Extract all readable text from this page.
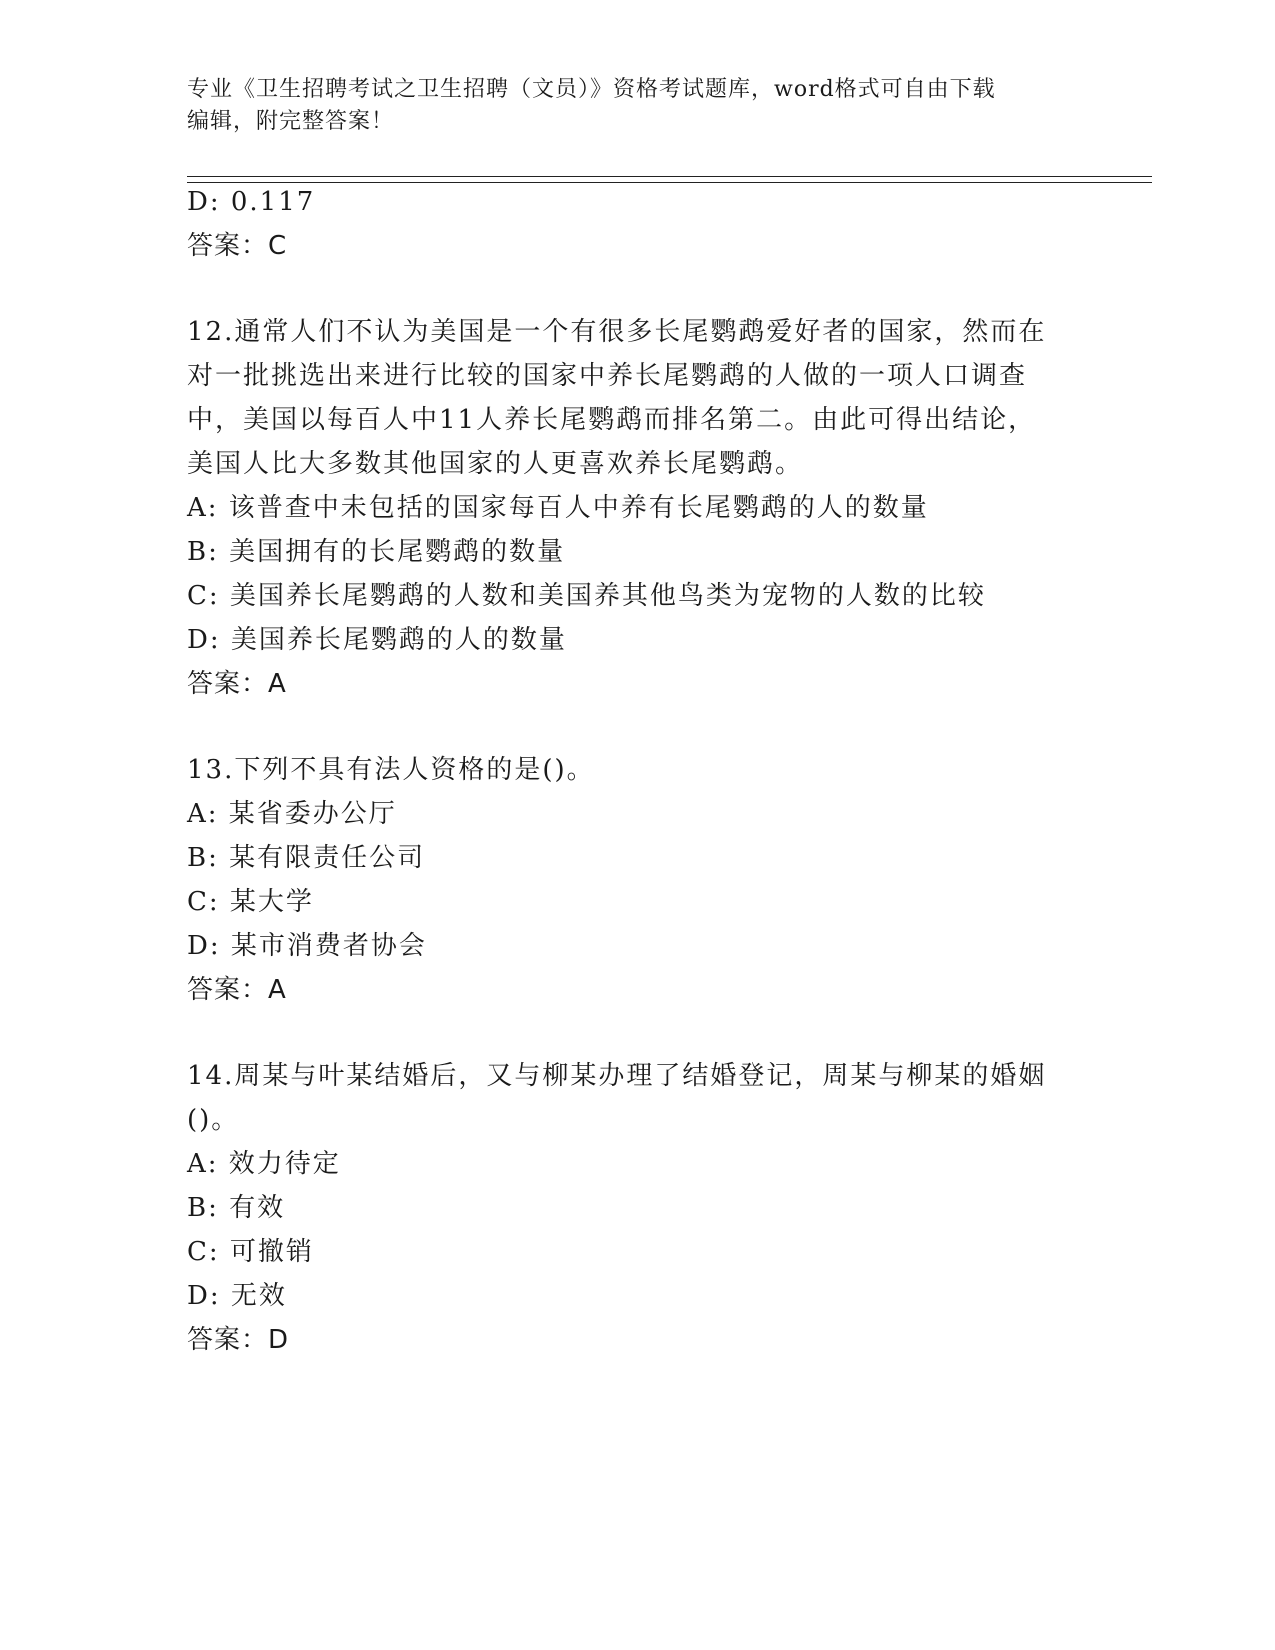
专业《卫生招聘考试之卫生招聘（文员）》资格考试题库，word格式可自由下载
编辑，附完整答案！
D: 0.117
答案：C
12.通常人们不认为美国是一个有很多长尾鹦鹉爱好者的国家，然而在
对一批挑选出来进行比较的国家中养长尾鹦鹉的人做的一项人口调查
中，美国以每百人中11人养长尾鹦鹉而排名第二。由此可得出结论，
美国人比大多数其他国家的人更喜欢养长尾鹦鹉。
A: 该普查中未包括的国家每百人中养有长尾鹦鹉的人的数量
B: 美国拥有的长尾鹦鹉的数量
C: 美国养长尾鹦鹉的人数和美国养其他鸟类为宠物的人数的比较
D: 美国养长尾鹦鹉的人的数量
答案：A
13.下列不具有法人资格的是()。
A: 某省委办公厅
B: 某有限责任公司
C: 某大学
D: 某市消费者协会
答案：A
14.周某与叶某结婚后，又与柳某办理了结婚登记，周某与柳某的婚姻
()。
A: 效力待定
B: 有效
C: 可撤销
D: 无效
答案：D
